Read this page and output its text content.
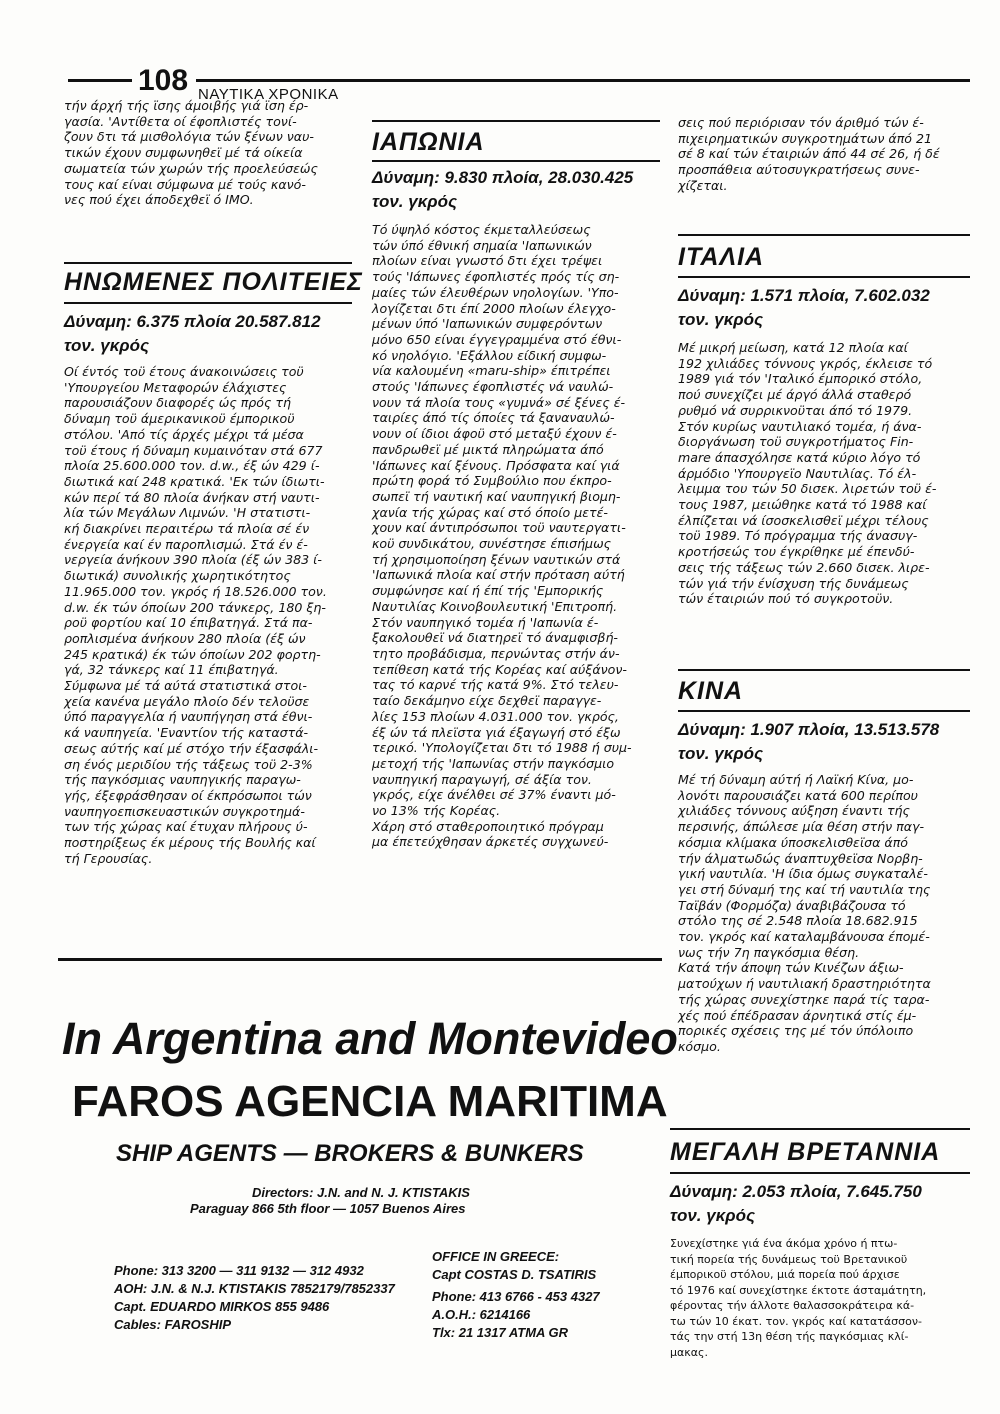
108 ΝΑΥΤΙΚΑ ΧΡΟΝΙΚΑ

τήν άρχή τής ϊσης άμοιβής γιά ϊση έρ-
γασία. 'Αντίθετα οί έφοπλιστές τονί-
ζουν δτι τά μισθολόγια τών ξένων ναυ-
τικών έχουν συμφωνηθεϊ μέ τά οίκεία
σωματεία τών χωρών τής προελεύσεώς
τους καί είναι σύμφωνα μέ τούς κανό-
νες πού έχει άποδεχθεϊ ό ΙΜΟ.

ΗΝΩΜΕΝΕΣ ΠΟΛΙΤΕΙΕΣ
Δύναμη: 6.375 πλοία 20.587.812
τον. γκρός

Οί έντός τοϋ έτους άνακοινώσεις τοϋ
'Υπουργείου Μεταφορών έλάχιστες
παρουσιάζουν διαφορές ώς πρός τή
δύναμη τοϋ άμερικανικοϋ έμπορικοϋ
στόλου. 'Από τίς άρχές μέχρι τά μέσα
τοϋ έτους ή δύναμη κυμαινόταν στά 677
πλοία 25.600.000 τον. d.w., έξ ών 429 ί-
διωτικά καί 248 κρατικά. 'Εκ τών ίδιωτι-
κών περί τά 80 πλοία άνήκαν στή ναυτι-
λία τών Μεγάλων Λιμνών. 'Η στατιστι-
κή διακρίνει περαιτέρω τά πλοία σέ έν
ένεργεία καί έν παροπλισμώ. Στά έν έ-
νεργεία άνήκουν 390 πλοία (έξ ών 383 ί-
διωτικά) συνολικής χωρητικότητος
11.965.000 τον. γκρός ή 18.526.000 τον.
d.w. έκ τών όποίων 200 τάνκερς, 180 ξη-
ροϋ φορτίου καί 10 έπιβατηγά. Στά πα-
ροπλισμένα άνήκουν 280 πλοία (έξ ών
245 κρατικά) έκ τών όποίων 202 φορτη-
γά, 32 τάνκερς καί 11 έπιβατηγά.
Σύμφωνα μέ τά αύτά στατιστικά στοι-
χεία κανένα μεγάλο πλοίο δέν τελοϋσε
ύπό παραγγελία ή ναυπήγηση στά έθνι-
κά ναυπηγεία. 'Εναντίον τής καταστά-
σεως αύτής καί μέ στόχο τήν έξασφάλι-
ση ένός μεριδίου τής τάξεως τοϋ 2-3%
τής παγκόσμιας ναυπηγικής παραγω-
γής, έξεφράσθησαν οί έκπρόσωποι τών
ναυπηγοεπισκευαστικών συγκροτημά-
των τής χώρας καί έτυχαν πλήρους ύ-
ποστηρίξεως έκ μέρους τής Βουλής καί
τή Γερουσίας.

ΙΑΠΩΝΙΑ
Δύναμη: 9.830 πλοία, 28.030.425
τον. γκρός

Τό ύψηλό κόστος έκμεταλλεύσεως
τών ύπό έθνική σημαία 'Ιαπωνικών
πλοίων είναι γνωστό δτι έχει τρέψει
τούς 'Ιάπωνες έφοπλιστές πρός τίς ση-
μαίες τών έλευθέρων νηολογίων. 'Υπο-
λογίζεται δτι έπί 2000 πλοίων έλεγχο-
μένων ύπό 'Ιαπωνικών συμφερόντων
μόνο 650 είναι έγγεγραμμένα στό έθνι-
κό νηολόγιο. 'Εξάλλου είδική συμφω-
νία καλουμένη «maru-ship» έπιτρέπει
στούς 'Ιάπωνες έφοπλιστές νά ναυλώ-
νουν τά πλοία τους «γυμνά» σέ ξένες έ-
ταιρίες άπό τίς όποίες τά ξαναναυλώ-
νουν οί ίδιοι άφοϋ στό μεταξύ έχουν έ-
πανδρωθεϊ μέ μικτά πληρώματα άπό
'Ιάπωνες καί ξένους. Πρόσφατα καί γιά
πρώτη φορά τό Συμβούλιο που έκπρο-
σωπεϊ τή ναυτική καί ναυπηγική βιομη-
χανία τής χώρας καί στό όποίο μετέ-
χουν καί άντιπρόσωποι τοϋ ναυτεργατι-
κοϋ συνδικάτου, συνέστησε έπισήμως
τή χρησιμοποίηση ξένων ναυτικών στά
'Ιαπωνικά πλοία καί στήν πρόταση αύτή
συμφώνησε καί ή έπί τής 'Εμπορικής
Ναυτιλίας Κοινοβουλευτική 'Επιτροπή.
Στόν ναυπηγικό τομέα ή 'Ιαπωνία έ-
ξακολουθεϊ νά διατηρεϊ τό άναμφισβή-
τητο προβάδισμα, περνώντας στήν άν-
τεπίθεση κατά τής Κορέας καί αύξάνον-
τας τό καρνέ τής κατά 9%. Στό τελευ-
ταίο δεκάμηνο είχε δεχθεϊ παραγγε-
λίες 153 πλοίων 4.031.000 τον. γκρός,
έξ ών τά πλεϊστα γιά έξαγωγή στό έξω
τερικό. 'Υπολογίζεται δτι τό 1988 ή συμ-
μετοχή τής 'Ιαπωνίας στήν παγκόσμιο
ναυπηγική παραγωγή, σέ άξία τον.
γκρός, είχε άνέλθει σέ 37% έναντι μό-
νο 13% τής Κορέας.
Χάρη στό σταθεροποιητικό πρόγραμ
μα έπετεύχθησαν άρκετές συγχωνεύ-

σεις πού περιόρισαν τόν άριθμό τών έ-
πιχειρηματικών συγκροτημάτων άπό 21
σέ 8 καί τών έταιριών άπό 44 σέ 26, ή δέ
προσπάθεια αύτοσυγκρατήσεως συνε-
χίζεται.

ΙΤΑΛΙΑ
Δύναμη: 1.571 πλοία, 7.602.032
τον. γκρός

Μέ μικρή μείωση, κατά 12 πλοία καί
192 χιλιάδες τόννους γκρός, έκλεισε τό
1989 γιά τόν 'Ιταλικό έμπορικό στόλο,
πού συνεχίζει μέ άργό άλλά σταθερό
ρυθμό νά συρρικνοϋται άπό τό 1979.
Στόν κυρίως ναυτιλιακό τομέα, ή άνα-
διοργάνωση τοϋ συγκροτήματος Fin-
mare άπασχόλησε κατά κύριο λόγο τό
άρμόδιο 'Υπουργεϊο Ναυτιλίας. Τό έλ-
λειμμα του τών 50 δισεκ. λιρετών τοϋ έ-
τους 1987, μειώθηκε κατά τό 1988 καί
έλπίζεται νά ίσοσκελισθεϊ μέχρι τέλους
τοϋ 1989. Τό πρόγραμμα τής άνασυγ-
κροτήσεώς του έγκρίθηκε μέ έπενδύ-
σεις τής τάξεως τών 2.660 δισεκ. λιρε-
τών γιά τήν ένίσχυση τής δυνάμεως
τών έταιριών πού τό συγκροτοϋν.

ΚΙΝΑ
Δύναμη: 1.907 πλοία, 13.513.578
τον. γκρός

Μέ τή δύναμη αύτή ή Λαϊκή Κίνα, μο-
λονότι παρουσιάζει κατά 600 περίπου
χιλιάδες τόννους αύξηση έναντι τής
περσινής, άπώλεσε μία θέση στήν παγ-
κόσμια κλίμακα ύποσκελισθεϊσα άπό
τήν άλματωδώς άναπτυχθεϊσα Νορβη-
γική ναυτιλία. 'Η ίδια όμως συγκαταλέ-
γει στή δύναμή της καί τή ναυτιλία της
Ταϊβάν (Φορμόζα) άναβιβάζουσα τό
στόλο της σέ 2.548 πλοία 18.682.915
τον. γκρός καί καταλαμβάνουσα έπομέ-
νως τήν 7η παγκόσμια θέση.
Κατά τήν άποψη τών Κινέζων άξιω-
ματούχων ή ναυτιλιακή δραστηριότητα
τής χώρας συνεχίστηκε παρά τίς ταρα-
χές πού έπέδρασαν άρνητικά στίς έμ-
πορικές σχέσεις της μέ τόν ύπόλοιπο
κόσμο.

ΜΕΓΑΛΗ ΒΡΕΤΑΝΝΙΑ
Δύναμη: 2.053 πλοία, 7.645.750
τον. γκρός

Συνεχίστηκε γιά ένα άκόμα χρόνο ή πτω-
τική πορεία τής δυνάμεως τοϋ Βρετανικοϋ
έμπορικοϋ στόλου, μιά πορεία πού άρχισε
τό 1976 καί συνεχίστηκε έκτοτε άσταμάτητη,
φέροντας τήν άλλοτε θαλασσοκράτειρα κά-
τω τών 10 έκατ. τον. γκρός καί κατατάσσον-
τάς την στή 13η θέση τής παγκόσμιας κλί-
μακας.

In Argentina and Montevideo
FAROS AGENCIA MARITIMA
SHIP AGENTS — BROKERS & BUNKERS
Directors: J.N. and N. J. KTISTAKIS
Paraguay 866 5th floor — 1057 Buenos Aires
Phone: 313 3200 — 311 9132 — 312 4932
AOH: J.N. & N.J. KTISTAKIS 7852179/7852337
Capt. EDUARDO MIRKOS 855 9486
Cables: FAROSHIP
OFFICE IN GREECE:
Capt COSTAS D. TSATIRIS
Phone: 413 6766 - 453 4327
A.O.H.: 6214166
Tlx: 21 1317 ATMA GR
